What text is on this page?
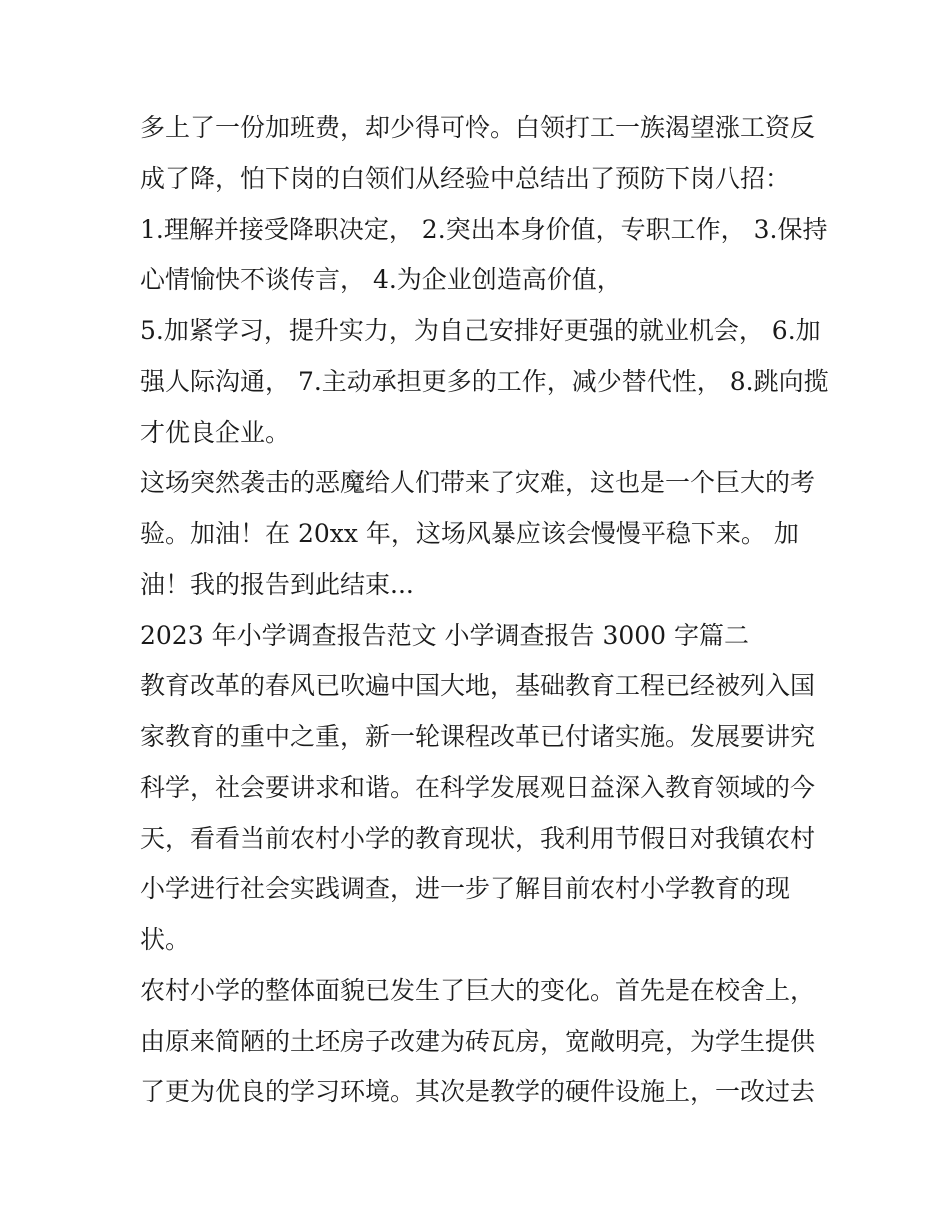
多上了一份加班费，却少得可怜。白领打工一族渴望涨工资反
成了降，怕下岗的白领们从经验中总结出了预防下岗八招：
1.理解并接受降职决定， 2.突出本身价值，专职工作， 3.保持
心情愉快不谈传言， 4.为企业创造高价值，
5.加紧学习，提升实力，为自己安排好更强的就业机会， 6.加
强人际沟通， 7.主动承担更多的工作，减少替代性， 8.跳向揽
才优良企业。
这场突然袭击的恶魔给人们带来了灾难，这也是一个巨大的考
验。加油！在 20xx 年，这场风暴应该会慢慢平稳下来。 加
油！我的报告到此结束...
2023 年小学调查报告范文 小学调查报告 3000 字篇二
教育改革的春风已吹遍中国大地，基础教育工程已经被列入国
家教育的重中之重，新一轮课程改革已付诸实施。发展要讲究
科学，社会要讲求和谐。在科学发展观日益深入教育领域的今
天，看看当前农村小学的教育现状，我利用节假日对我镇农村
小学进行社会实践调查，进一步了解目前农村小学教育的现
状。
农村小学的整体面貌已发生了巨大的变化。首先是在校舍上，
由原来简陋的土坯房子改建为砖瓦房，宽敞明亮，为学生提供
了更为优良的学习环境。其次是教学的硬件设施上，一改过去
